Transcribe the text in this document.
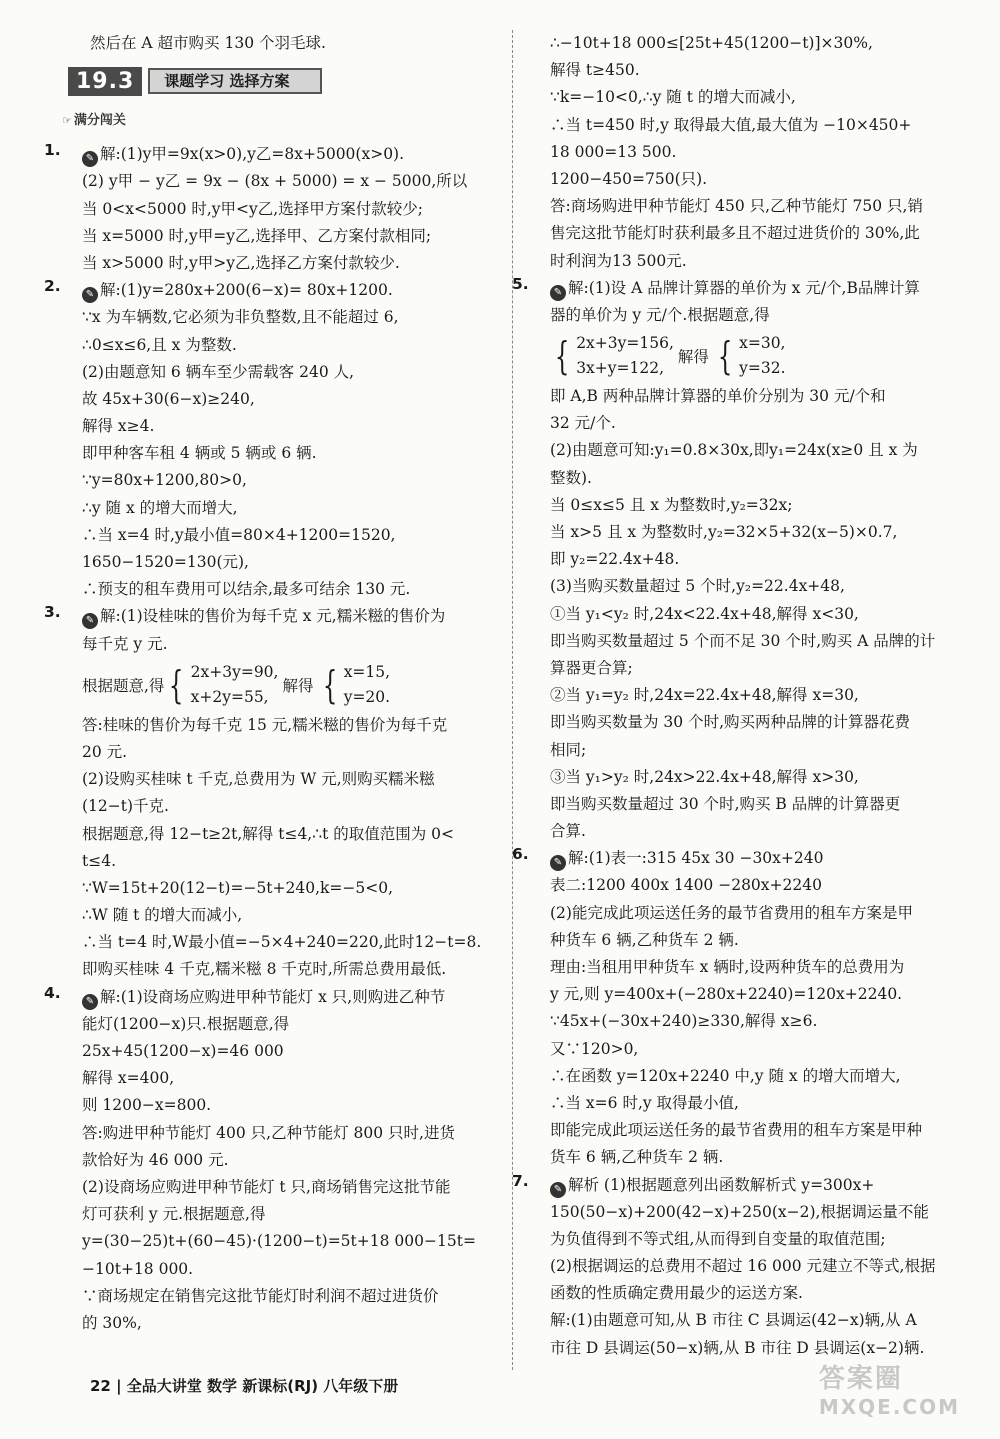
然后在 A 超市购买 130 个羽毛球.
19.3	课题学习 选择方案
☞ 满分闯关
1.	✎ 解:(1)y甲=9x(x>0),y乙=8x+5000(x>0).
(2) y甲 − y乙 = 9x − (8x + 5000) = x − 5000,所以
当 0<x<5000 时,y甲<y乙,选择甲方案付款较少;
当 x=5000 时,y甲=y乙,选择甲、乙方案付款相同;
当 x>5000 时,y甲>y乙,选择乙方案付款较少.
2.	✎ 解:(1)y=280x+200(6−x)= 80x+1200.
∵x 为车辆数,它必须为非负整数,且不能超过 6,
∴0≤x≤6,且 x 为整数.
(2)由题意知 6 辆车至少需载客 240 人,
故 45x+30(6−x)≥240,
解得 x≥4.
即甲种客车租 4 辆或 5 辆或 6 辆.
∵y=80x+1200,80>0,
∴y 随 x 的增大而增大,
∴当 x=4 时,y最小值=80×4+1200=1520,
1650−1520=130(元),
∴预支的租车费用可以结余,最多可结余 130 元.
3.	✎ 解:(1)设桂味的售价为每千克 x 元,糯米糍的售价为
每千克 y 元.
根据题意,得 { 2x+3y=90,
x+2y=55,
解得 { x=15,
y=20.
答:桂味的售价为每千克 15 元,糯米糍的售价为每千克
20 元.
(2)设购买桂味 t 千克,总费用为 W 元,则购买糯米糍
(12−t)千克.
根据题意,得 12−t≥2t,解得 t≤4,∴t 的取值范围为 0<
t≤4.
∵W=15t+20(12−t)=−5t+240,k=−5<0,
∴W 随 t 的增大而减小,
∴当 t=4 时,W最小值=−5×4+240=220,此时12−t=8.
即购买桂味 4 千克,糯米糍 8 千克时,所需总费用最低.
4.	✎ 解:(1)设商场应购进甲种节能灯 x 只,则购进乙种节
能灯(1200−x)只.根据题意,得
25x+45(1200−x)=46 000
解得 x=400,
则 1200−x=800.
答:购进甲种节能灯 400 只,乙种节能灯 800 只时,进货
款恰好为 46 000 元.
(2)设商场应购进甲种节能灯 t 只,商场销售完这批节能
灯可获利 y 元.根据题意,得
y=(30−25)t+(60−45)·(1200−t)=5t+18 000−15t=
−10t+18 000.
∵商场规定在销售完这批节能灯时利润不超过进货价
的 30%,
∴−10t+18 000≤[25t+45(1200−t)]×30%,
解得 t≥450.
∵k=−10<0,∴y 随 t 的增大而减小,
∴当 t=450 时,y 取得最大值,最大值为 −10×450+
18 000=13 500.
1200−450=750(只).
答:商场购进甲种节能灯 450 只,乙种节能灯 750 只,销
售完这批节能灯时获利最多且不超过进货价的 30%,此
时利润为13 500元.
5.	✎ 解:(1)设 A 品牌计算器的单价为 x 元/个,B品牌计算
器的单价为 y 元/个.根据题意,得
{ 2x+3y=156,
3x+y=122,
解得 { x=30,
y=32.
即 A,B 两种品牌计算器的单价分别为 30 元/个和
32 元/个.
(2)由题意可知:y₁=0.8×30x,即y₁=24x(x≥0 且 x 为
整数).
当 0≤x≤5 且 x 为整数时,y₂=32x;
当 x>5 且 x 为整数时,y₂=32×5+32(x−5)×0.7,
即 y₂=22.4x+48.
(3)当购买数量超过 5 个时,y₂=22.4x+48,
①当 y₁<y₂ 时,24x<22.4x+48,解得 x<30,
即当购买数量超过 5 个而不足 30 个时,购买 A 品牌的计
算器更合算;
②当 y₁=y₂ 时,24x=22.4x+48,解得 x=30,
即当购买数量为 30 个时,购买两种品牌的计算器花费
相同;
③当 y₁>y₂ 时,24x>22.4x+48,解得 x>30,
即当购买数量超过 30 个时,购买 B 品牌的计算器更
合算.
6.	✎ 解:(1)表一:315 45x 30 −30x+240
表二:1200 400x 1400 −280x+2240
(2)能完成此项运送任务的最节省费用的租车方案是甲
种货车 6 辆,乙种货车 2 辆.
理由:当租用甲种货车 x 辆时,设两种货车的总费用为
y 元,则 y=400x+(−280x+2240)=120x+2240.
∵45x+(−30x+240)≥330,解得 x≥6.
又∵120>0,
∴在函数 y=120x+2240 中,y 随 x 的增大而增大,
∴当 x=6 时,y 取得最小值,
即能完成此项运送任务的最节省费用的租车方案是甲种
货车 6 辆,乙种货车 2 辆.
7.	✎ 解析 (1)根据题意列出函数解析式 y=300x+
150(50−x)+200(42−x)+250(x−2),根据调运量不能
为负值得到不等式组,从而得到自变量的取值范围;
(2)根据调运的总费用不超过 16 000 元建立不等式,根据
函数的性质确定费用最少的运送方案.
解:(1)由题意可知,从 B 市往 C 县调运(42−x)辆,从 A
市往 D 县调运(50−x)辆,从 B 市往 D 县调运(x−2)辆.
22 | 全品大讲堂 数学 新课标(RJ) 八年级下册	答案圈
MXQE.COM
